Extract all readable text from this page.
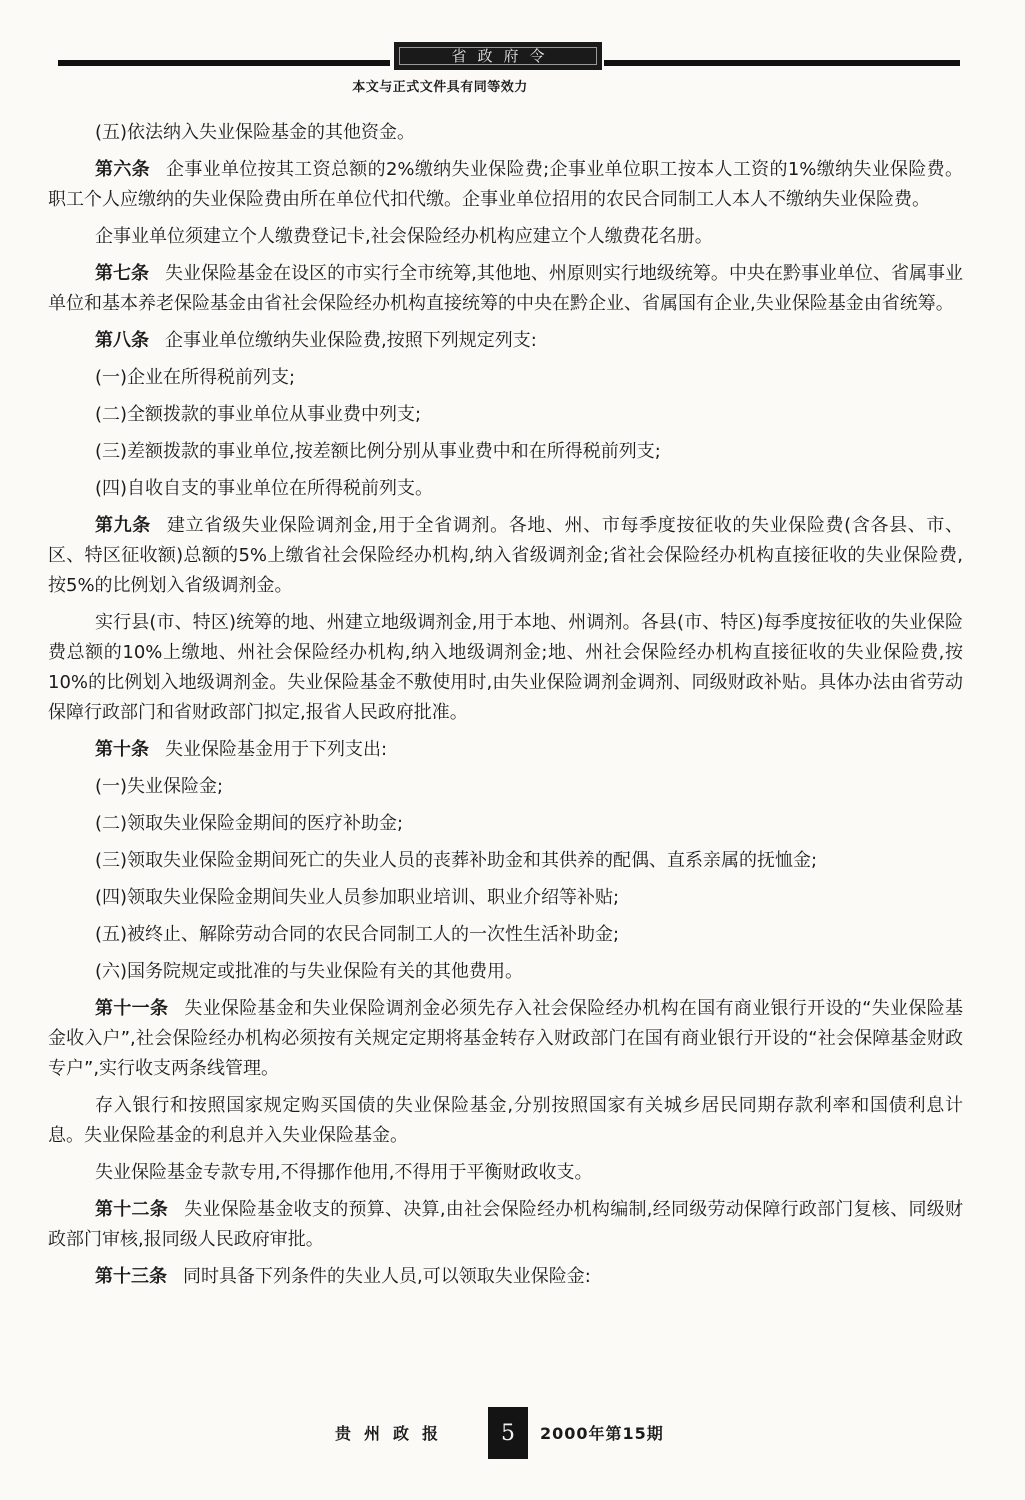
省政府令
本文与正式文件具有同等效力

(五)依法纳入失业保险基金的其他资金。

第六条 企事业单位按其工资总额的2%缴纳失业保险费;企事业单位职工按本人工资的1%缴纳失业保险费。职工个人应缴纳的失业保险费由所在单位代扣代缴。企事业单位招用的农民合同制工人本人不缴纳失业保险费。

企事业单位须建立个人缴费登记卡,社会保险经办机构应建立个人缴费花名册。

第七条 失业保险基金在设区的市实行全市统筹,其他地、州原则实行地级统筹。中央在黔事业单位、省属事业单位和基本养老保险基金由省社会保险经办机构直接统筹的中央在黔企业、省属国有企业,失业保险基金由省统筹。

第八条 企事业单位缴纳失业保险费,按照下列规定列支:

(一)企业在所得税前列支;

(二)全额拨款的事业单位从事业费中列支;

(三)差额拨款的事业单位,按差额比例分别从事业费中和在所得税前列支;

(四)自收自支的事业单位在所得税前列支。

第九条 建立省级失业保险调剂金,用于全省调剂。各地、州、市每季度按征收的失业保险费(含各县、市、区、特区征收额)总额的5%上缴省社会保险经办机构,纳入省级调剂金;省社会保险经办机构直接征收的失业保险费,按5%的比例划入省级调剂金。

实行县(市、特区)统筹的地、州建立地级调剂金,用于本地、州调剂。各县(市、特区)每季度按征收的失业保险费总额的10%上缴地、州社会保险经办机构,纳入地级调剂金;地、州社会保险经办机构直接征收的失业保险费,按10%的比例划入地级调剂金。失业保险基金不敷使用时,由失业保险调剂金调剂、同级财政补贴。具体办法由省劳动保障行政部门和省财政部门拟定,报省人民政府批准。

第十条 失业保险基金用于下列支出:

(一)失业保险金;

(二)领取失业保险金期间的医疗补助金;

(三)领取失业保险金期间死亡的失业人员的丧葬补助金和其供养的配偶、直系亲属的抚恤金;

(四)领取失业保险金期间失业人员参加职业培训、职业介绍等补贴;

(五)被终止、解除劳动合同的农民合同制工人的一次性生活补助金;

(六)国务院规定或批准的与失业保险有关的其他费用。

第十一条 失业保险基金和失业保险调剂金必须先存入社会保险经办机构在国有商业银行开设的“失业保险基金收入户”,社会保险经办机构必须按有关规定定期将基金转存入财政部门在国有商业银行开设的“社会保障基金财政专户”,实行收支两条线管理。

存入银行和按照国家规定购买国债的失业保险基金,分别按照国家有关城乡居民同期存款利率和国债利息计息。失业保险基金的利息并入失业保险基金。

失业保险基金专款专用,不得挪作他用,不得用于平衡财政收支。

第十二条 失业保险基金收支的预算、决算,由社会保险经办机构编制,经同级劳动保障行政部门复核、同级财政部门审核,报同级人民政府审批。

第十三条 同时具备下列条件的失业人员,可以领取失业保险金:

贵州政报 5 2000年第15期
